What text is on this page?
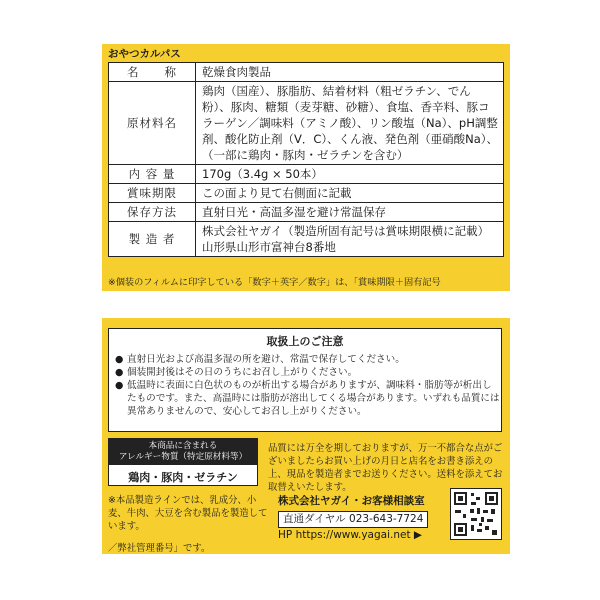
おやつカルパス
名　　称	乾燥食肉製品
原材料名	鶏肉（国産）、豚脂肪、結着材料（粗ゼラチン、でん粉）、豚肉、糖類（麦芽糖、砂糖）、食塩、香辛料、豚コラーゲン／調味料（アミノ酸）、リン酸塩（Na）、pH調整剤、酸化防止剤（V．C）、くん液、発色剤（亜硝酸Na）、（一部に鶏肉・豚肉・ゼラチンを含む）
内 容 量	170g（3.4g × 50本）
賞味期限	この面より見て右側面に記載
保存方法	直射日光・高温多湿を避け常温保存
製 造 者	株式会社ヤガイ（製造所固有記号は賞味期限横に記載）
山形県山形市富神台8番地
※個装のフィルムに印字している「数字＋英字／数字」は、「賞味期限＋固有記号
取扱上のご注意
● 直射日光および高温多湿の所を避け、常温で保存してください。
● 個装開封後はその日のうちにお召し上がりください。
● 低温時に表面に白色状のものが析出する場合がありますが、調味料・脂肪等が析出したものです。また、高温時には脂肪が溶出してくる場合があります。いずれも品質には異常ありませんので、安心してお召し上がりください。
本商品に含まれる
アレルギー物質（特定原材料等）
鶏肉・豚肉・ゼラチン
品質には万全を期しておりますが、万一不都合な点がございましたらお買い上げの月日と店名をお書き添えの上、現品を製造者までお送りください。送料を添えてお取替えいたします。
※本品製造ラインでは、乳成分、小麦、牛肉、大豆を含む製品を製造しています。
株式会社ヤガイ・お客様相談室
直通ダイヤル 023-643-7724
HP https://www.yagai.net ▶
／弊社管理番号」です。
